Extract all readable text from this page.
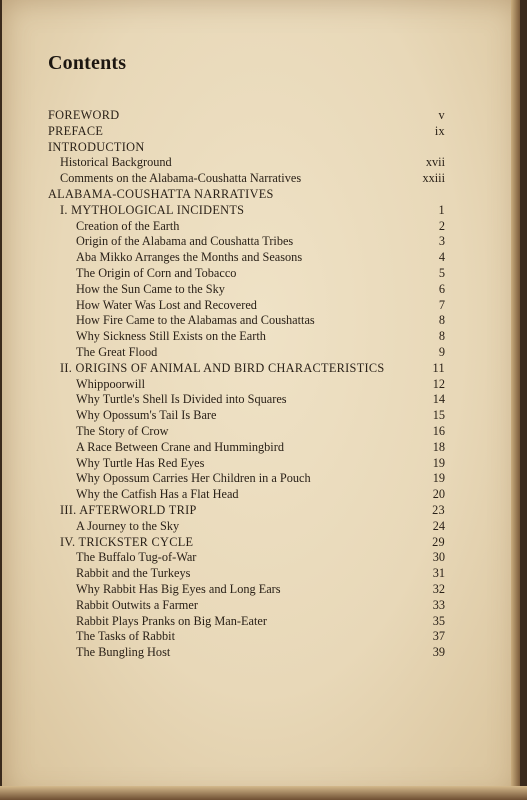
Contents
FOREWORD	v
PREFACE	ix
INTRODUCTION
Historical Background	xvii
Comments on the Alabama-Coushatta Narratives	xxiii
ALABAMA-COUSHATTA NARRATIVES
I. MYTHOLOGICAL INCIDENTS	1
Creation of the Earth	2
Origin of the Alabama and Coushatta Tribes	3
Aba Mikko Arranges the Months and Seasons	4
The Origin of Corn and Tobacco	5
How the Sun Came to the Sky	6
How Water Was Lost and Recovered	7
How Fire Came to the Alabamas and Coushattas	8
Why Sickness Still Exists on the Earth	8
The Great Flood	9
II. ORIGINS OF ANIMAL AND BIRD CHARACTERISTICS	11
Whippoorwill	12
Why Turtle's Shell Is Divided into Squares	14
Why Opossum's Tail Is Bare	15
The Story of Crow	16
A Race Between Crane and Hummingbird	18
Why Turtle Has Red Eyes	19
Why Opossum Carries Her Children in a Pouch	19
Why the Catfish Has a Flat Head	20
III. AFTERWORLD TRIP	23
A Journey to the Sky	24
IV. TRICKSTER CYCLE	29
The Buffalo Tug-of-War	30
Rabbit and the Turkeys	31
Why Rabbit Has Big Eyes and Long Ears	32
Rabbit Outwits a Farmer	33
Rabbit Plays Pranks on Big Man-Eater	35
The Tasks of Rabbit	37
The Bungling Host	39
